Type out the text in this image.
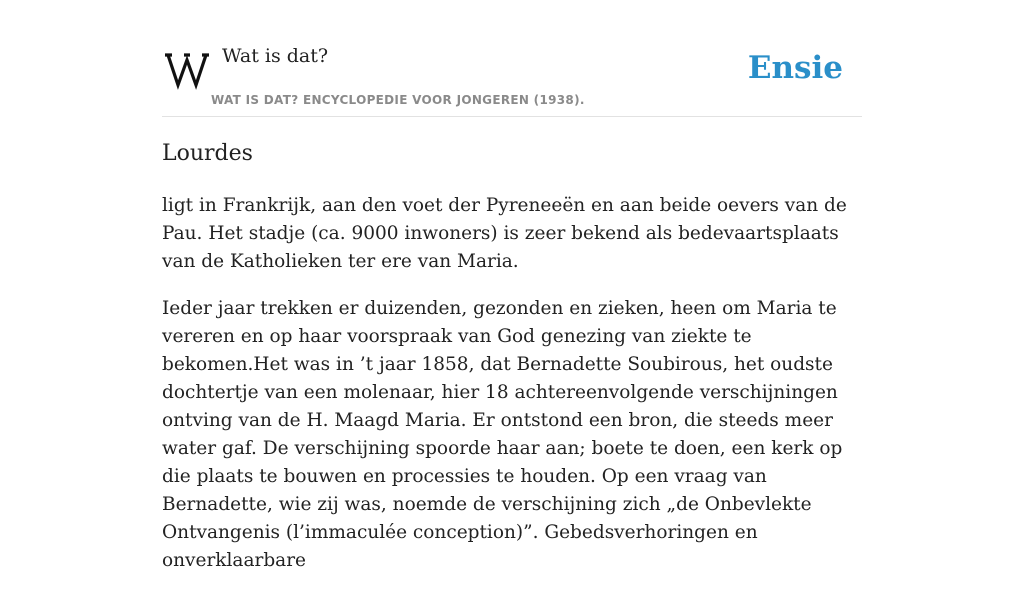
Wat is dat?
WAT IS DAT? ENCYCLOPEDIE VOOR JONGEREN (1938).
Ensie
Lourdes

ligt in Frankrijk, aan den voet der Pyreneeën en aan beide oevers van de Pau. Het stadje (ca. 9000 inwoners) is zeer bekend als bedevaartsplaats van de Katholieken ter ere van Maria.

Ieder jaar trekken er duizenden, gezonden en zieken, heen om Maria te vereren en op haar voorspraak van God genezing van ziekte te bekomen.Het was in ’t jaar 1858, dat Bernadette Soubirous, het oudste dochtertje van een molenaar, hier 18 achtereenvolgende verschijningen ontving van de H. Maagd Maria. Er ontstond een bron, die steeds meer water gaf. De verschijning spoorde haar aan; boete te doen, een kerk op die plaats te bouwen en processies te houden. Op een vraag van Bernadette, wie zij was, noemde de verschijning zich „de Onbevlekte Ontvangenis (l’immaculée conception)”. Gebedsverhoringen en onverklaarbare
